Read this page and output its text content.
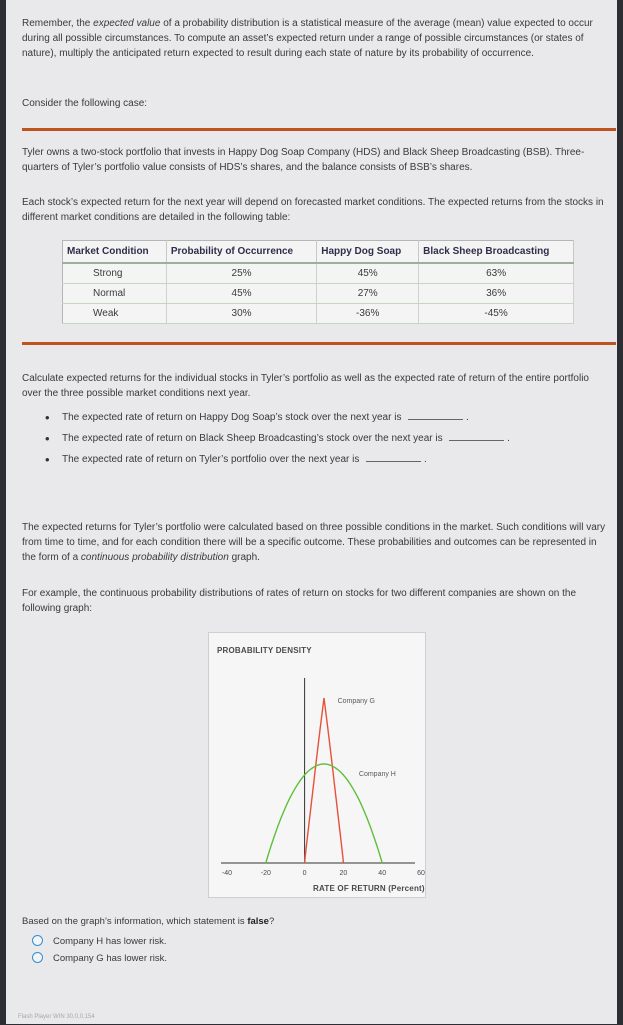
Remember, the expected value of a probability distribution is a statistical measure of the average (mean) value expected to occur during all possible circumstances. To compute an asset’s expected return under a range of possible circumstances (or states of nature), multiply the anticipated return expected to result during each state of nature by its probability of occurrence.

Consider the following case:

Tyler owns a two-stock portfolio that invests in Happy Dog Soap Company (HDS) and Black Sheep Broadcasting (BSB). Three-quarters of Tyler’s portfolio value consists of HDS’s shares, and the balance consists of BSB’s shares.

Each stock’s expected return for the next year will depend on forecasted market conditions. The expected returns from the stocks in different market conditions are detailed in the following table:

Market Condition	Probability of Occurrence	Happy Dog Soap	Black Sheep Broadcasting
Strong	25%	45%	63%
Normal	45%	27%	36%
Weak	30%	-36%	-45%

Calculate expected returns for the individual stocks in Tyler’s portfolio as well as the expected rate of return of the entire portfolio over the three possible market conditions next year.

• The expected rate of return on Happy Dog Soap’s stock over the next year is	.
• The expected rate of return on Black Sheep Broadcasting’s stock over the next year is	.
• The expected rate of return on Tyler’s portfolio over the next year is	.

The expected returns for Tyler’s portfolio were calculated based on three possible conditions in the market. Such conditions will vary from time to time, and for each condition there will be a specific outcome. These probabilities and outcomes can be represented in the form of a continuous probability distribution graph.

For example, the continuous probability distributions of rates of return on stocks for two different companies are shown on the following graph:

PROBABILITY DENSITY
-40	-20	0	20	40	60
Company G
Company H
RATE OF RETURN (Percent)
Based on the graph’s information, which statement is false?
Company H has lower risk.
Company G has lower risk.
Flash Player WIN 30,0,0,154
